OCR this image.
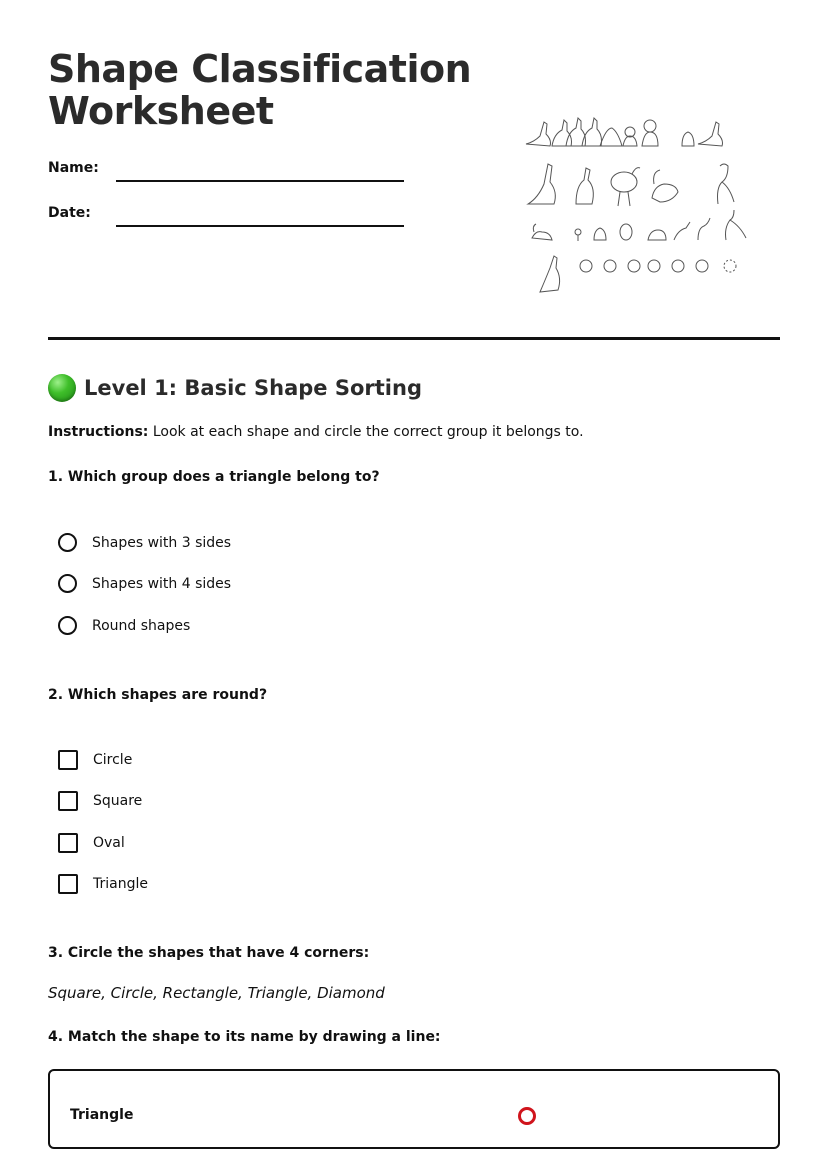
Shape Classification
Worksheet
Name:
Date:
Level 1: Basic Shape Sorting
Instructions: Look at each shape and circle the correct group it belongs to.
1. Which group does a triangle belong to?
Shapes with 3 sides
Shapes with 4 sides
Round shapes
2. Which shapes are round?
Circle
Square
Oval
Triangle
3. Circle the shapes that have 4 corners:
Square, Circle, Rectangle, Triangle, Diamond
4. Match the shape to its name by drawing a line:
Triangle
